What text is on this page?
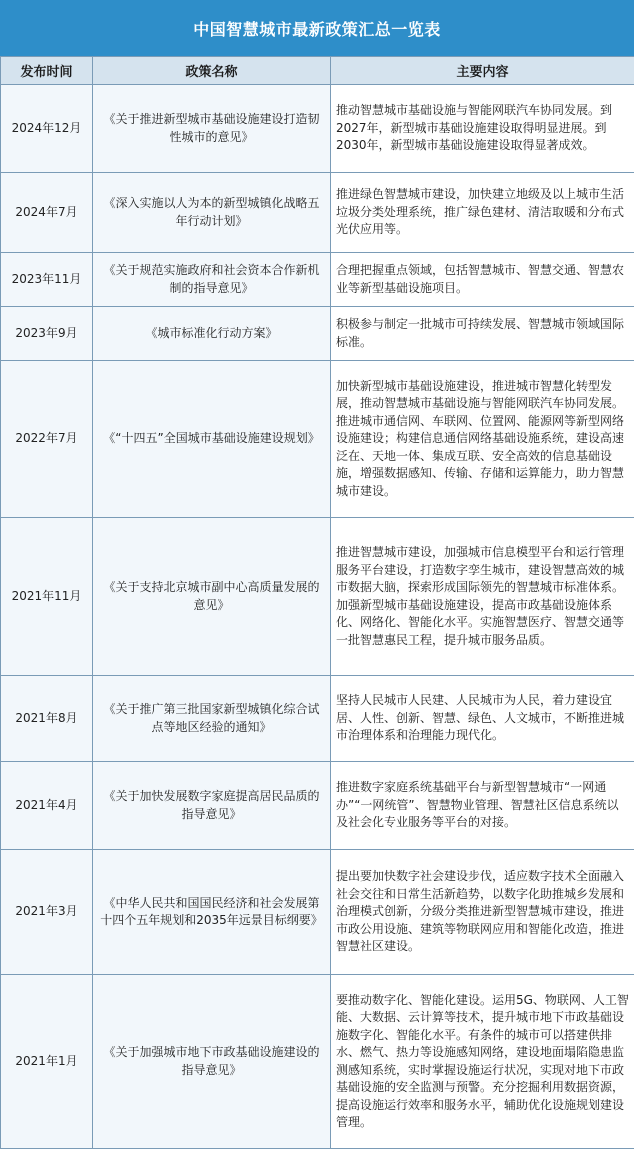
中国智慧城市最新政策汇总一览表
发布时间	政策名称	主要内容
2024年12月	《关于推进新型城市基础设施建设打造韧性城市的意见》	推动智慧城市基础设施与智能网联汽车协同发展。到2027年，新型城市基础设施建设取得明显进展。到2030年，新型城市基础设施建设取得显著成效。
2024年7月	《深入实施以人为本的新型城镇化战略五年行动计划》	推进绿色智慧城市建设，加快建立地级及以上城市生活垃圾分类处理系统，推广绿色建材、清洁取暖和分布式光伏应用等。
2023年11月	《关于规范实施政府和社会资本合作新机制的指导意见》	合理把握重点领域，包括智慧城市、智慧交通、智慧农业等新型基础设施项目。
2023年9月	《城市标准化行动方案》	积极参与制定一批城市可持续发展、智慧城市领域国际标准。
2022年7月	《“十四五”全国城市基础设施建设规划》	加快新型城市基础设施建设，推进城市智慧化转型发展，推动智慧城市基础设施与智能网联汽车协同发展。推进城市通信网、车联网、位置网、能源网等新型网络设施建设；构建信息通信网络基础设施系统，建设高速泛在、天地一体、集成互联、安全高效的信息基础设施，增强数据感知、传输、存储和运算能力，助力智慧城市建设。
2021年11月	《关于支持北京城市副中心高质量发展的意见》	推进智慧城市建设，加强城市信息模型平台和运行管理服务平台建设，打造数字孪生城市，建设智慧高效的城市数据大脑，探索形成国际领先的智慧城市标准体系。加强新型城市基础设施建设，提高市政基础设施体系化、网络化、智能化水平。实施智慧医疗、智慧交通等一批智慧惠民工程，提升城市服务品质。
2021年8月	《关于推广第三批国家新型城镇化综合试点等地区经验的通知》	坚持人民城市人民建、人民城市为人民，着力建设宜居、人性、创新、智慧、绿色、人文城市，不断推进城市治理体系和治理能力现代化。
2021年4月	《关于加快发展数字家庭提高居民品质的指导意见》	推进数字家庭系统基础平台与新型智慧城市“一网通办”“一网统管”、智慧物业管理、智慧社区信息系统以及社会化专业服务等平台的对接。
2021年3月	《中华人民共和国国民经济和社会发展第十四个五年规划和2035年远景目标纲要》	提出要加快数字社会建设步伐，适应数字技术全面融入社会交往和日常生活新趋势，以数字化助推城乡发展和治理模式创新，分级分类推进新型智慧城市建设，推进市政公用设施、建筑等物联网应用和智能化改造，推进智慧社区建设。
2021年1月	《关于加强城市地下市政基础设施建设的指导意见》	要推动数字化、智能化建设。运用5G、物联网、人工智能、大数据、云计算等技术，提升城市地下市政基础设施数字化、智能化水平。有条件的城市可以搭建供排水、燃气、热力等设施感知网络，建设地面塌陷隐患监测感知系统，实时掌握设施运行状况，实现对地下市政基础设施的安全监测与预警。充分挖掘利用数据资源，提高设施运行效率和服务水平，辅助优化设施规划建设管理。
